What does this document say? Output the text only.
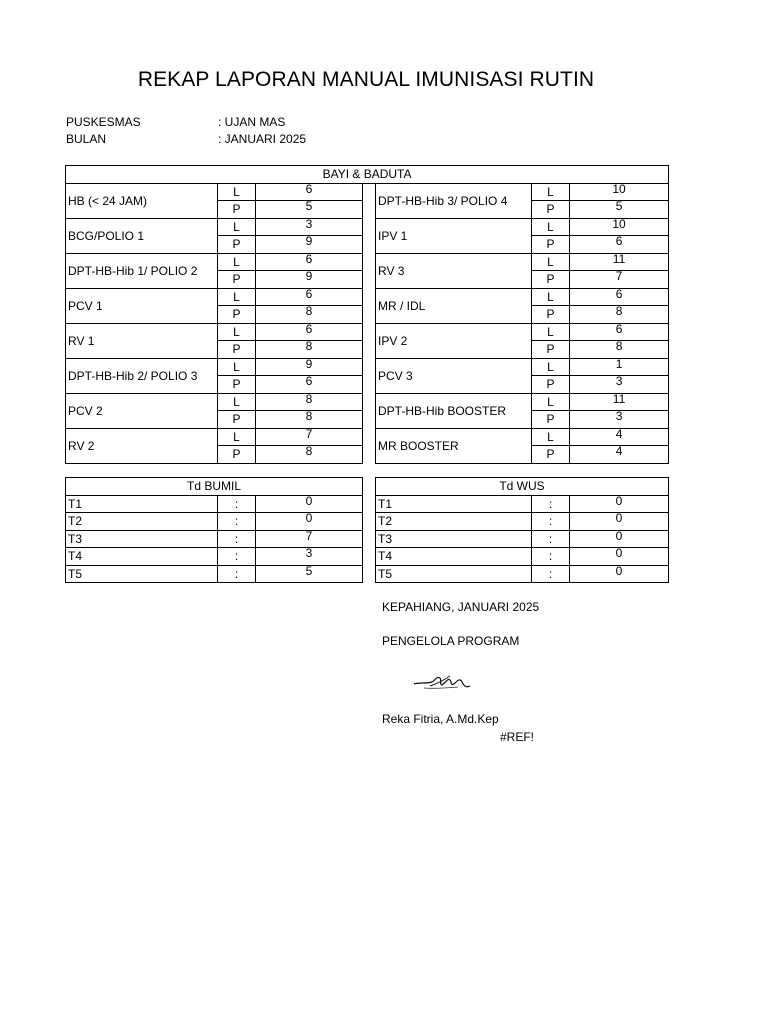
REKAP LAPORAN MANUAL IMUNISASI RUTIN
PUSKESMAS	: UJAN MAS
BULAN	: JANUARI 2025
BAYI & BADUTA						
HB (< 24 JAM)	L	6		DPT-HB-Hib 3/ POLIO 4	L	10
	P	5			P	5
BCG/POLIO 1	L	3		IPV 1	L	10
	P	9			P	6
DPT-HB-Hib 1/ POLIO 2	L	6		RV 3	L	11
	P	9			P	7
PCV 1	L	6		MR / IDL	L	6
	P	8			P	8
RV 1	L	6		IPV 2	L	6
	P	8			P	8
DPT-HB-Hib 2/ POLIO 3	L	9		PCV 3	L	1
	P	6			P	3
PCV 2	L	8		DPT-HB-Hib BOOSTER	L	11
	P	8			P	3
RV 2	L	7		MR BOOSTER	L	4
	P	8			P	4
Td BUMIL				Td WUS		
T1	:	0		T1	:	0
T2	:	0		T2	:	0
T3	:	7		T3	:	0
T4	:	3		T4	:	0
T5	:	5		T5	:	0
KEPAHIANG, JANUARI 2025
PENGELOLA PROGRAM
Reka Fitria, A.Md.Kep
#REF!
